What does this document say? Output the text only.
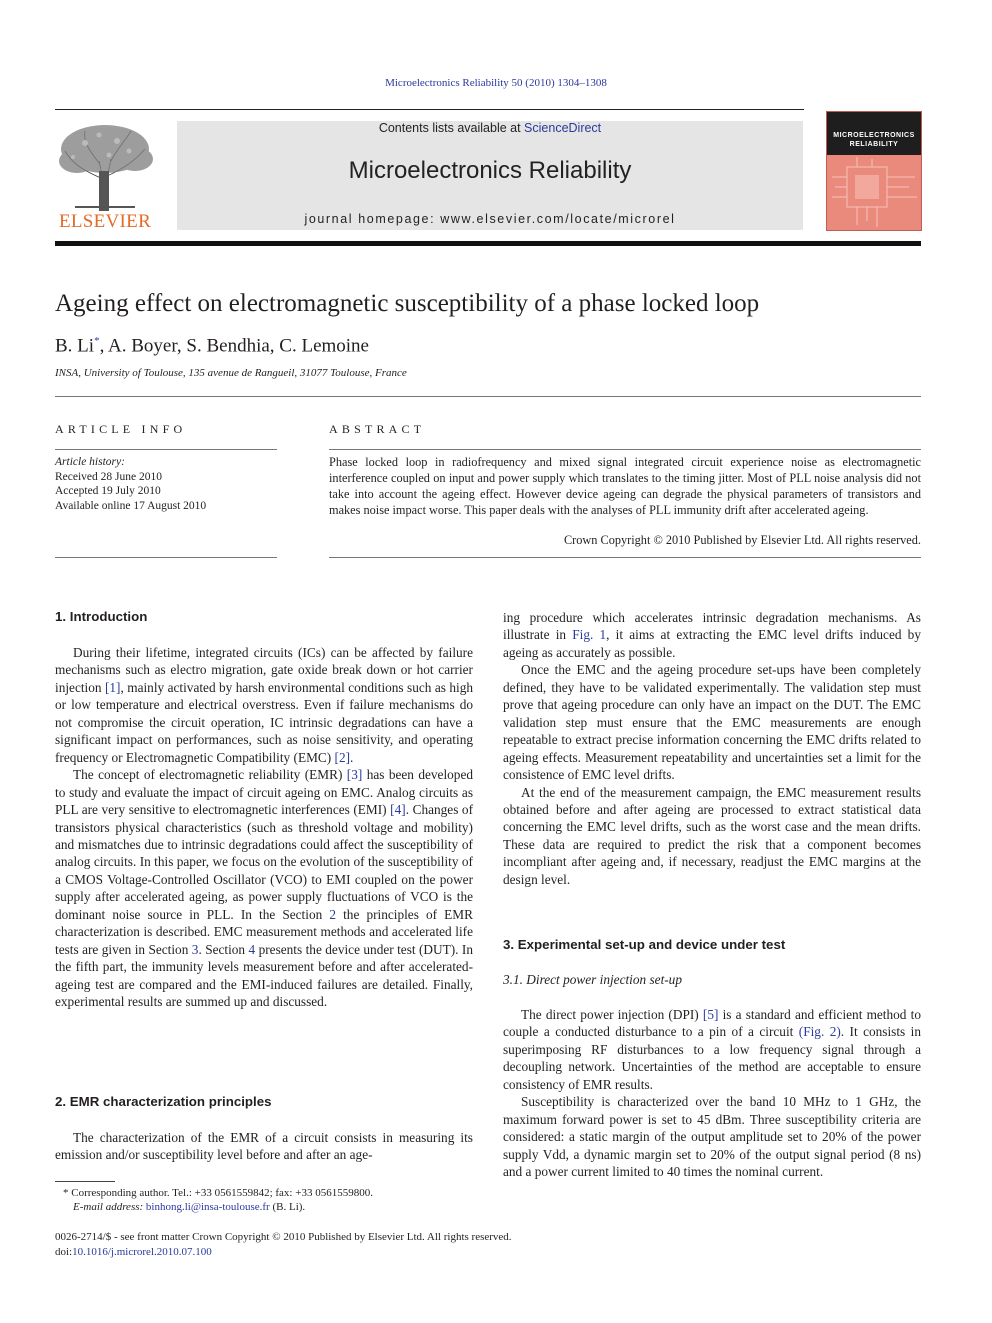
Microelectronics Reliability 50 (2010) 1304–1308
ELSEVIER
Contents lists available at ScienceDirect
Microelectronics Reliability
journal homepage: www.elsevier.com/locate/microrel
MICROELECTRONICS RELIABILITY
Ageing effect on electromagnetic susceptibility of a phase locked loop
B. Li*, A. Boyer, S. Bendhia, C. Lemoine
INSA, University of Toulouse, 135 avenue de Rangueil, 31077 Toulouse, France
ARTICLE INFO
Article history:
Received 28 June 2010
Accepted 19 July 2010
Available online 17 August 2010
ABSTRACT
Phase locked loop in radiofrequency and mixed signal integrated circuit experience noise as electromagnetic interference coupled on input and power supply which translates to the timing jitter. Most of PLL noise analysis did not take into account the ageing effect. However device ageing can degrade the physical parameters of transistors and makes noise impact worse. This paper deals with the analyses of PLL immunity drift after accelerated ageing.
Crown Copyright © 2010 Published by Elsevier Ltd. All rights reserved.
1. Introduction

During their lifetime, integrated circuits (ICs) can be affected by failure mechanisms such as electro migration, gate oxide break down or hot carrier injection [1], mainly activated by harsh environmental conditions such as high or low temperature and electrical overstress. Even if failure mechanisms do not compromise the circuit operation, IC intrinsic degradations can have a significant impact on performances, such as noise sensitivity, and operating frequency or Electromagnetic Compatibility (EMC) [2].

The concept of electromagnetic reliability (EMR) [3] has been developed to study and evaluate the impact of circuit ageing on EMC. Analog circuits as PLL are very sensitive to electromagnetic interferences (EMI) [4]. Changes of transistors physical characteristics (such as threshold voltage and mobility) and mismatches due to intrinsic degradations could affect the susceptibility of analog circuits. In this paper, we focus on the evolution of the susceptibility of a CMOS Voltage-Controlled Oscillator (VCO) to EMI coupled on the power supply after accelerated ageing, as power supply fluctuations of VCO is the dominant noise source in PLL. In the Section 2 the principles of EMR characterization is described. EMC measurement methods and accelerated life tests are given in Section 3. Section 4 presents the device under test (DUT). In the fifth part, the immunity levels measurement before and after accelerated-ageing test are compared and the EMI-induced failures are detailed. Finally, experimental results are summed up and discussed.

2. EMR characterization principles

The characterization of the EMR of a circuit consists in measuring its emission and/or susceptibility level before and after an age-

* Corresponding author. Tel.: +33 0561559842; fax: +33 0561559800.
E-mail address: binhong.li@insa-toulouse.fr (B. Li).
0026-2714/$ - see front matter Crown Copyright © 2010 Published by Elsevier Ltd. All rights reserved.
doi:10.1016/j.microrel.2010.07.100

ing procedure which accelerates intrinsic degradation mechanisms. As illustrate in Fig. 1, it aims at extracting the EMC level drifts induced by ageing as accurately as possible.

Once the EMC and the ageing procedure set-ups have been completely defined, they have to be validated experimentally. The validation step must prove that ageing procedure can only have an impact on the DUT. The EMC validation step must ensure that the EMC measurements are enough repeatable to extract precise information concerning the EMC drifts related to ageing effects. Measurement repeatability and uncertainties set a limit for the consistence of EMC level drifts.

At the end of the measurement campaign, the EMC measurement results obtained before and after ageing are processed to extract statistical data concerning the EMC level drifts, such as the worst case and the mean drifts. These data are required to predict the risk that a component becomes incompliant after ageing and, if necessary, readjust the EMC margins at the design level.

3. Experimental set-up and device under test
3.1. Direct power injection set-up

The direct power injection (DPI) [5] is a standard and efficient method to couple a conducted disturbance to a pin of a circuit (Fig. 2). It consists in superimposing RF disturbances to a low frequency signal through a decoupling network. Uncertainties of the method are acceptable to ensure consistency of EMR results.

Susceptibility is characterized over the band 10 MHz to 1 GHz, the maximum forward power is set to 45 dBm. Three susceptibility criteria are considered: a static margin of the output amplitude set to 20% of the power supply Vdd, a dynamic margin set to 20% of the output signal period (8 ns) and a power current limited to 40 times the nominal current.
